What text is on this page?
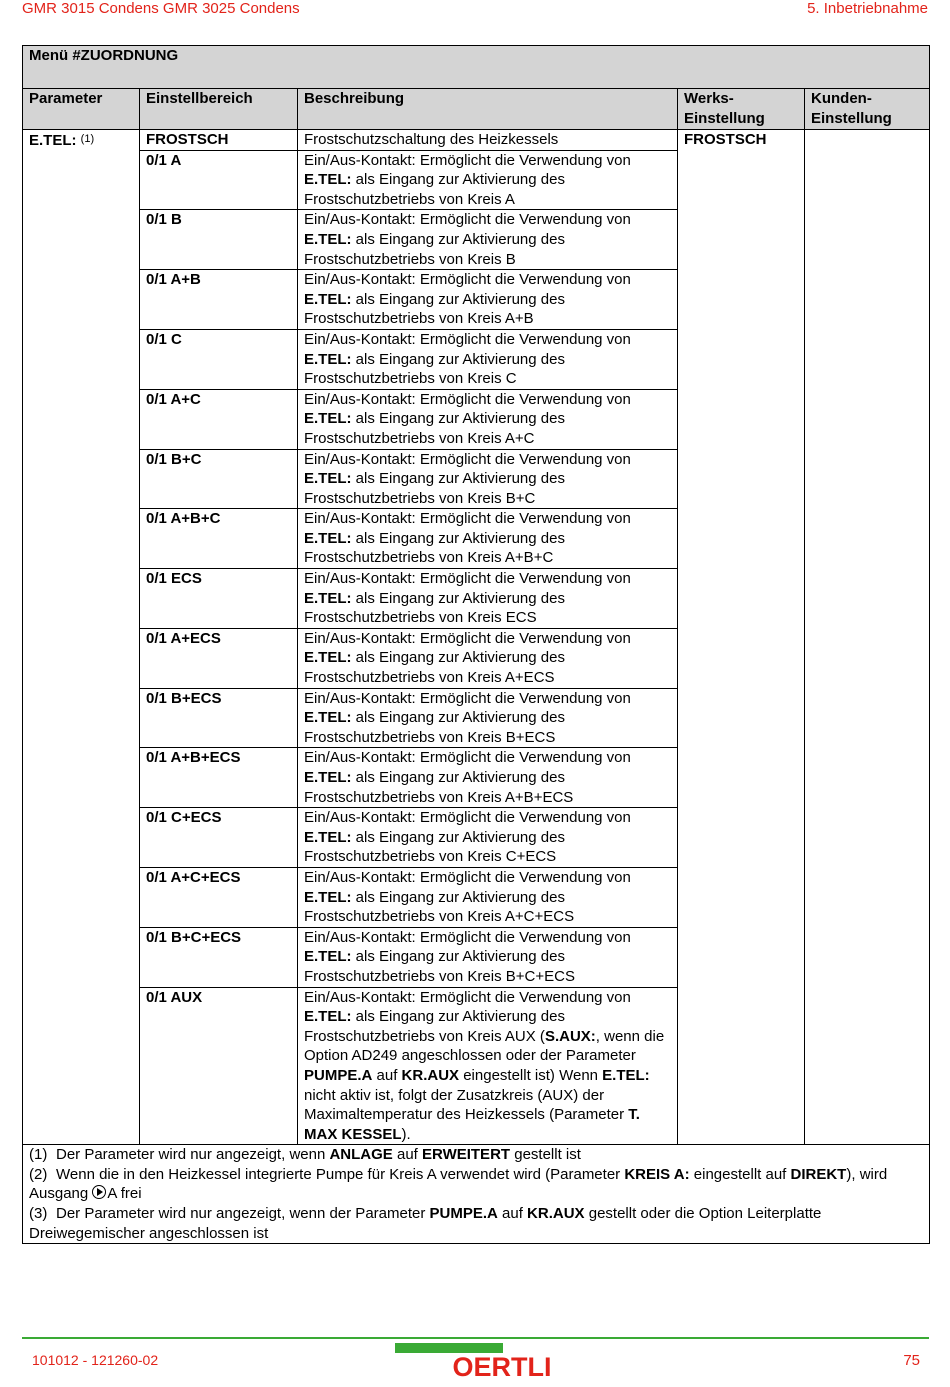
GMR 3015 Condens GMR 3025 Condens	5. Inbetriebnahme
Menü #ZUORDNUNG				
Parameter	Einstellbereich	Beschreibung	Werks-Einstellung	Kunden-Einstellung
E.TEL: $^{(1)}$	FROSTSCH	Frostschutzschaltung des Heizkessels	FROSTSCH	
	0/1 A	Ein/Aus-Kontakt: Ermöglicht die Verwendung von E.TEL: als Eingang zur Aktivierung des Frostschutzbetriebs von Kreis A		
	0/1 B	Ein/Aus-Kontakt: Ermöglicht die Verwendung von E.TEL: als Eingang zur Aktivierung des Frostschutzbetriebs von Kreis B		
	0/1 A+B	Ein/Aus-Kontakt: Ermöglicht die Verwendung von E.TEL: als Eingang zur Aktivierung des Frostschutzbetriebs von Kreis A+B		
	0/1 C	Ein/Aus-Kontakt: Ermöglicht die Verwendung von E.TEL: als Eingang zur Aktivierung des Frostschutzbetriebs von Kreis C		
	0/1 A+C	Ein/Aus-Kontakt: Ermöglicht die Verwendung von E.TEL: als Eingang zur Aktivierung des Frostschutzbetriebs von Kreis A+C		
	0/1 B+C	Ein/Aus-Kontakt: Ermöglicht die Verwendung von E.TEL: als Eingang zur Aktivierung des Frostschutzbetriebs von Kreis B+C		
	0/1 A+B+C	Ein/Aus-Kontakt: Ermöglicht die Verwendung von E.TEL: als Eingang zur Aktivierung des Frostschutzbetriebs von Kreis A+B+C		
	0/1 ECS	Ein/Aus-Kontakt: Ermöglicht die Verwendung von E.TEL: als Eingang zur Aktivierung des Frostschutzbetriebs von Kreis ECS		
	0/1 A+ECS	Ein/Aus-Kontakt: Ermöglicht die Verwendung von E.TEL: als Eingang zur Aktivierung des Frostschutzbetriebs von Kreis A+ECS		
	0/1 B+ECS	Ein/Aus-Kontakt: Ermöglicht die Verwendung von E.TEL: als Eingang zur Aktivierung des Frostschutzbetriebs von Kreis B+ECS		
	0/1 A+B+ECS	Ein/Aus-Kontakt: Ermöglicht die Verwendung von E.TEL: als Eingang zur Aktivierung des Frostschutzbetriebs von Kreis A+B+ECS		
	0/1 C+ECS	Ein/Aus-Kontakt: Ermöglicht die Verwendung von E.TEL: als Eingang zur Aktivierung des Frostschutzbetriebs von Kreis C+ECS		
	0/1 A+C+ECS	Ein/Aus-Kontakt: Ermöglicht die Verwendung von E.TEL: als Eingang zur Aktivierung des Frostschutzbetriebs von Kreis A+C+ECS		
	0/1 B+C+ECS	Ein/Aus-Kontakt: Ermöglicht die Verwendung von E.TEL: als Eingang zur Aktivierung des Frostschutzbetriebs von Kreis B+C+ECS		
	0/1 AUX	Ein/Aus-Kontakt: Ermöglicht die Verwendung von E.TEL: als Eingang zur Aktivierung des Frostschutzbetriebs von Kreis AUX (S.AUX:, wenn die Option AD249 angeschlossen oder der Parameter PUMPE.A auf KR.AUX eingestellt ist) Wenn E.TEL: nicht aktiv ist, folgt der Zusatzkreis (AUX) der Maximaltemperatur des Heizkessels (Parameter T. MAX KESSEL).		

(1) Der Parameter wird nur angezeigt, wenn ANLAGE auf ERWEITERT gestellt ist
(2) Wenn die in den Heizkessel integrierte Pumpe für Kreis A verwendet wird (Parameter KREIS A: eingestellt auf DIREKT), wird Ausgang A frei
(3) Der Parameter wird nur angezeigt, wenn der Parameter PUMPE.A auf KR.AUX gestellt oder die Option Leiterplatte Dreiwegemischer angeschlossen ist				
101012 - 121260-02	OERTLI	75
